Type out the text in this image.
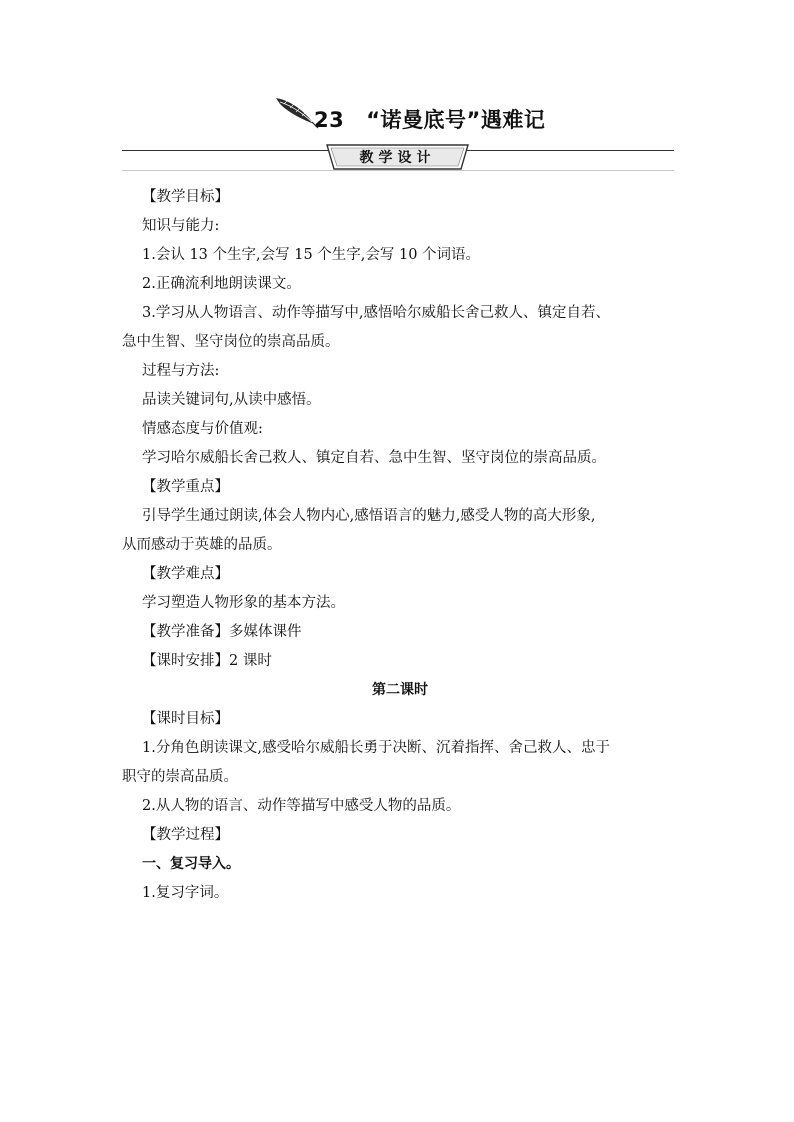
23 “诺曼底号”遇难记
教学设计
【教学目标】
知识与能力:
1.会认 13 个生字,会写 15 个生字,会写 10 个词语。
2.正确流利地朗读课文。
3.学习从人物语言、动作等描写中,感悟哈尔威船长舍己救人、镇定自若、
急中生智、坚守岗位的崇高品质。
过程与方法:
品读关键词句,从读中感悟。
情感态度与价值观:
学习哈尔威船长舍己救人、镇定自若、急中生智、坚守岗位的崇高品质。
【教学重点】
引导学生通过朗读,体会人物内心,感悟语言的魅力,感受人物的高大形象,
从而感动于英雄的品质。
【教学难点】
学习塑造人物形象的基本方法。
【教学准备】多媒体课件
【课时安排】2 课时
第二课时
【课时目标】
1.分角色朗读课文,感受哈尔威船长勇于决断、沉着指挥、舍己救人、忠于
职守的崇高品质。
2.从人物的语言、动作等描写中感受人物的品质。
【教学过程】
一、复习导入。
1.复习字词。
